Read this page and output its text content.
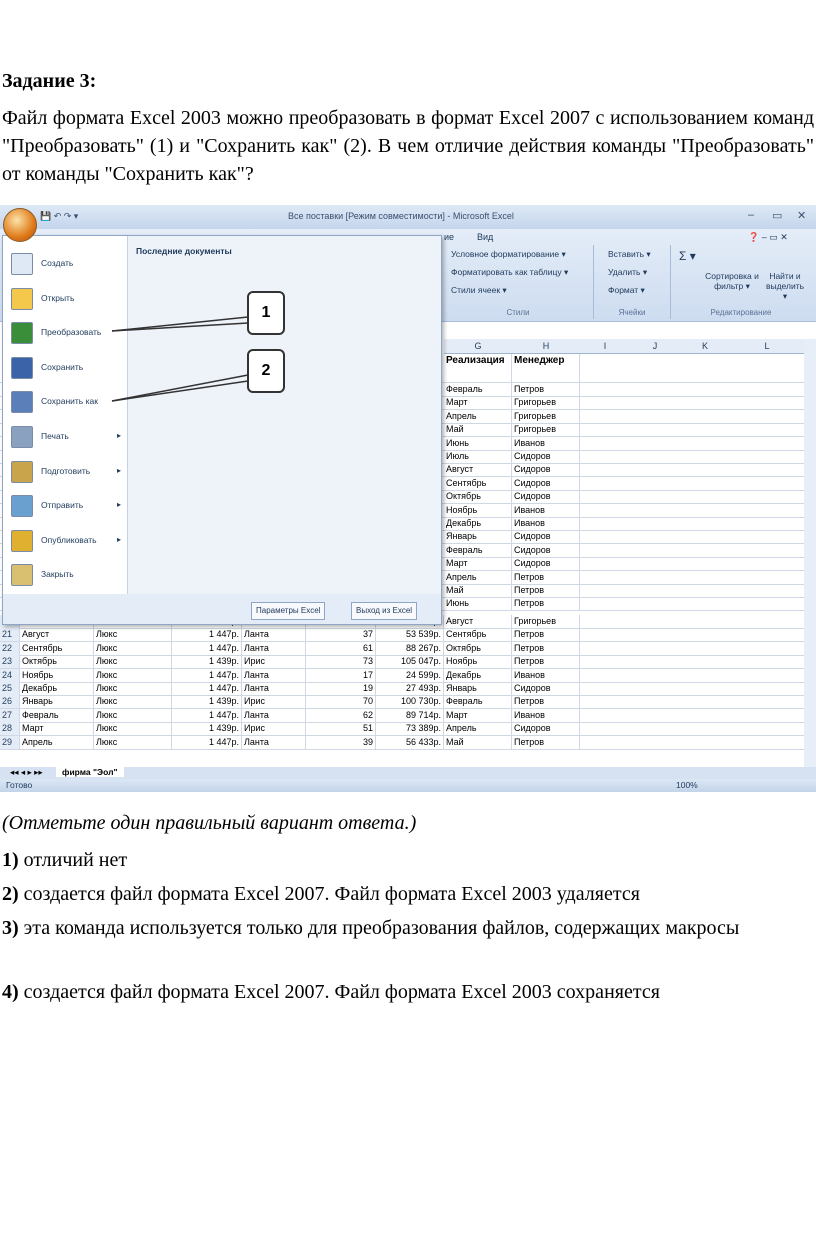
Задание 3:
Файл формата Excel 2003 можно преобразовать в формат Excel 2007 с использованием команд "Преобразовать" (1) и "Сохранить как" (2). В чем отличие действия команды "Преобразовать" от команды "Сохранить как"?
💾 ↶ ↷ ▾	Все поставки [Режим совместимости] - Microsoft Excel	– ▭ ✕
ие	Вид	❓ – ▭ ✕
Условное форматирование ▾
Форматировать как таблицу ▾
Стили ячеек ▾
Стили
Вставить ▾
Удалить ▾
Формат ▾
Ячейки
Σ ▾
Сортировка и фильтр ▾
Найти и выделить ▾
Редактирование
G	H	I	J	K	L
Реализация Менеджер
Февраль	Петров
Март	Григорьев
Апрель	Григорьев
Май	Григорьев
Июнь	Иванов
Июль	Сидоров
Август	Сидоров
Сентябрь	Сидоров
Октябрь	Сидоров
Ноябрь	Иванов
Декабрь	Иванов
Январь	Сидоров
Февраль	Сидоров
Март	Сидоров
Апрель	Петров
Май	Петров
Июнь	Петров
Август	Григорьев
21	Август	Люкс	1 447р. Ланта	37	53 539р. Сентябрь	Петров
22	Сентябрь	Люкс	1 447р. Ланта	61	88 267р. Октябрь	Петров
23	Октябрь	Люкс	1 439р. Ирис	73	105 047р. Ноябрь	Петров
24	Ноябрь	Люкс	1 447р. Ланта	17	24 599р. Декабрь	Иванов
25	Декабрь	Люкс	1 447р. Ланта	19	27 493р. Январь	Сидоров
26	Январь	Люкс	1 439р. Ирис	70	100 730р. Февраль	Петров
27	Февраль	Люкс	1 447р. Ланта	62	89 714р. Март	Иванов
28	Март	Люкс	1 439р. Ирис	51	73 389р. Апрель	Сидоров
29	Апрель	Люкс	1 447р. Ланта	39	56 433р. Май	Петров
◂◂ ◂ ▸ ▸▸	фирма "Эол"
Готово	100%
Создать
Открыть
Преобразовать
Сохранить
Сохранить как
Печать	▸
Подготовить	▸
Отправить	▸
Опубликовать	▸
Закрыть
Последние документы
Параметры Excel	Выход из Excel
1
2
(Отметьте один правильный вариант ответа.)
1) отличий нет
2) создается файл формата Excel 2007. Файл формата Excel 2003 удаляется
3) эта команда используется только для преобразования файлов, содержащих макросы
4) создается файл формата Excel 2007. Файл формата Excel 2003 сохраняется
